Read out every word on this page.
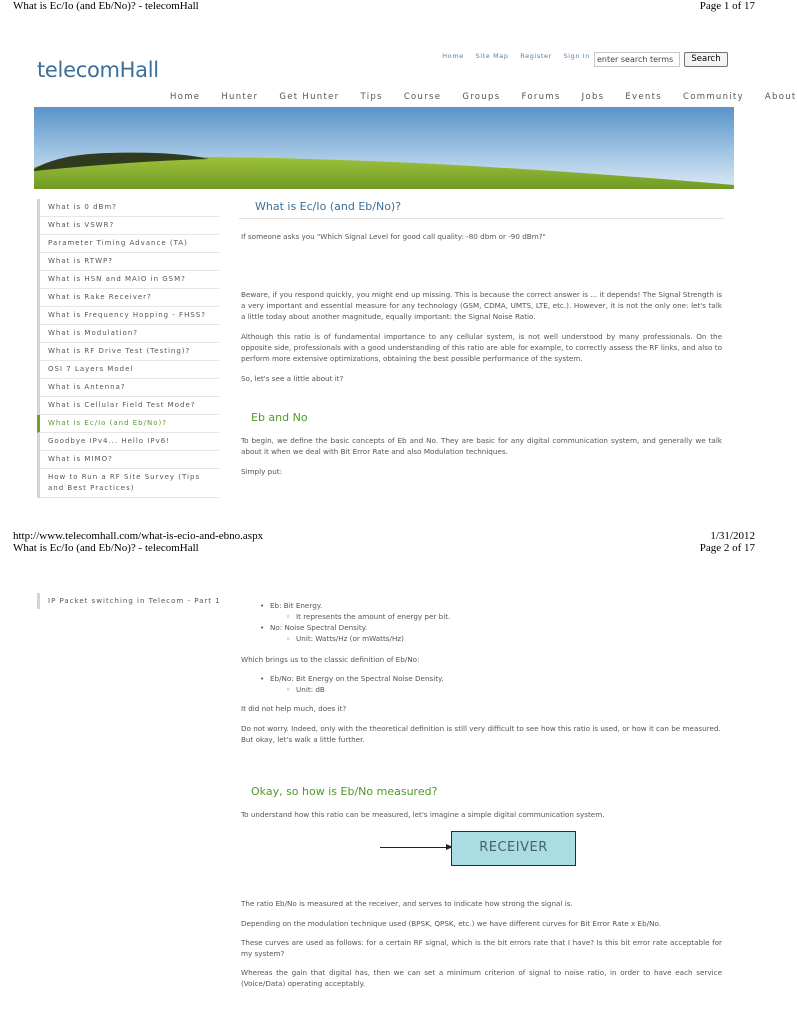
What is Ec/Io (and Eb/No)? - telecomHall	Page 1 of 17
Home Site Map Register Sign In
enter search terms	Search
telecomHall
Home Hunter Get Hunter Tips Course Groups Forums Jobs Events Community About
What is 0 dBm?
What is VSWR?
Parameter Timing Advance (TA)
What is RTWP?
What is HSN and MAIO in GSM?
What is Rake Receiver?
What is Frequency Hopping - FHSS?
What is Modulation?
What is RF Drive Test (Testing)?
OSI 7 Layers Model
What is Antenna?
What is Cellular Field Test Mode?
What is Ec/Io (and Eb/No)?
Goodbye IPv4... Hello IPv6!
What is MIMO?
How to Run a RF Site Survey (Tips and Best Practices)
What is Ec/Io (and Eb/No)?

If someone asks you "Which Signal Level for good call quality: -80 dbm or -90 dBm?"

Beware, if you respond quickly, you might end up missing. This is because the correct answer is ... it depends! The Signal Strength is a very important and essential measure for any technology (GSM, CDMA, UMTS, LTE, etc.). However, it is not the only one: let's talk a little today about another magnitude, equally important: the Signal Noise Ratio.

Although this ratio is of fundamental importance to any cellular system, is not well understood by many professionals. On the opposite side, professionals with a good understanding of this ratio are able for example, to correctly assess the RF links, and also to perform more extensive optimizations, obtaining the best possible performance of the system.

So, let's see a little about it?

Eb and No

To begin, we define the basic concepts of Eb and No. They are basic for any digital communication system, and generally we talk about it when we deal with Bit Error Rate and also Modulation techniques.

Simply put:

http://www.telecomhall.com/what-is-ecio-and-ebno.aspx	1/31/2012
What is Ec/Io (and Eb/No)? - telecomHall	Page 2 of 17
IP Packet switching in Telecom - Part 1
•	Eb: Bit Energy.
◦ It represents the amount of energy per bit.
• No: Noise Spectral Density.
◦ Unit: Watts/Hz (or mWatts/Hz)

Which brings us to the classic definition of Eb/No:

• Eb/No: Bit Energy on the Spectral Noise Density.
◦ Unit: dB

It did not help much, does it?

Do not worry. Indeed, only with the theoretical definition is still very difficult to see how this ratio is used, or how it can be measured.

But okay, let's walk a little further.

Okay, so how is Eb/No measured?

To understand how this ratio can be measured, let's imagine a simple digital communication system.

RECEIVER

The ratio Eb/No is measured at the receiver, and serves to indicate how strong the signal is.

Depending on the modulation technique used (BPSK, QPSK, etc.) we have different curves for Bit Error Rate x Eb/No.

These curves are used as follows: for a certain RF signal, which is the bit errors rate that I have? Is this bit error rate acceptable for my system?

Whereas the gain that digital has, then we can set a minimum criterion of signal to noise ratio, in order to have each service (Voice/Data) operating acceptably.
